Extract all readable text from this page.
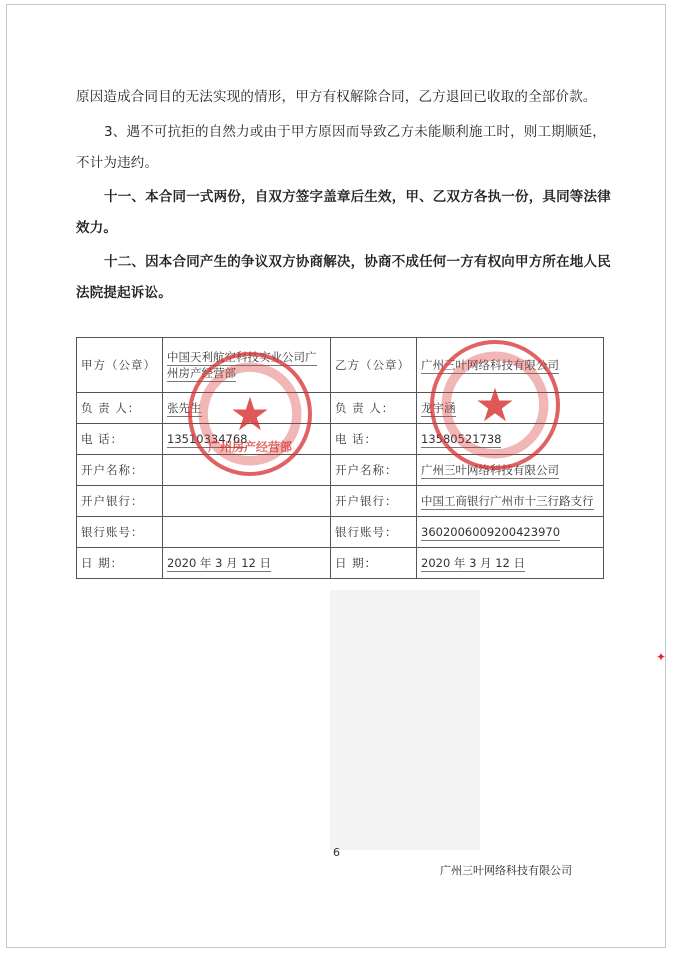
原因造成合同目的无法实现的情形，甲方有权解除合同，乙方退回已收取的全部价款。

3、遇不可抗拒的自然力或由于甲方原因而导致乙方未能顺利施工时，则工期顺延，
不计为违约。

十一、本合同一式两份，自双方签字盖章后生效，甲、乙双方各执一份，具同等法律
效力。

十二、因本合同产生的争议双方协商解决，协商不成任何一方有权向甲方所在地人民
法院提起诉讼。

甲方（公章）	中国天利航空科技实业公司广州房产经营部	乙方（公章）	广州三叶网络科技有限公司
负 责 人：	张先生	负 责 人：	龙宇涵
电 话：	13510334768	电 话：	13580521738
开户名称：		开户名称：	广州三叶网络科技有限公司
开户银行：		开户银行：	中国工商银行广州市十三行路支行
银行账号：		银行账号：	3602006009200423970
日 期：	2020 年 3 月 12 日	日 期：	2020 年 3 月 12 日
★
广州房产经营部
★
✦
6
广州三叶网络科技有限公司
